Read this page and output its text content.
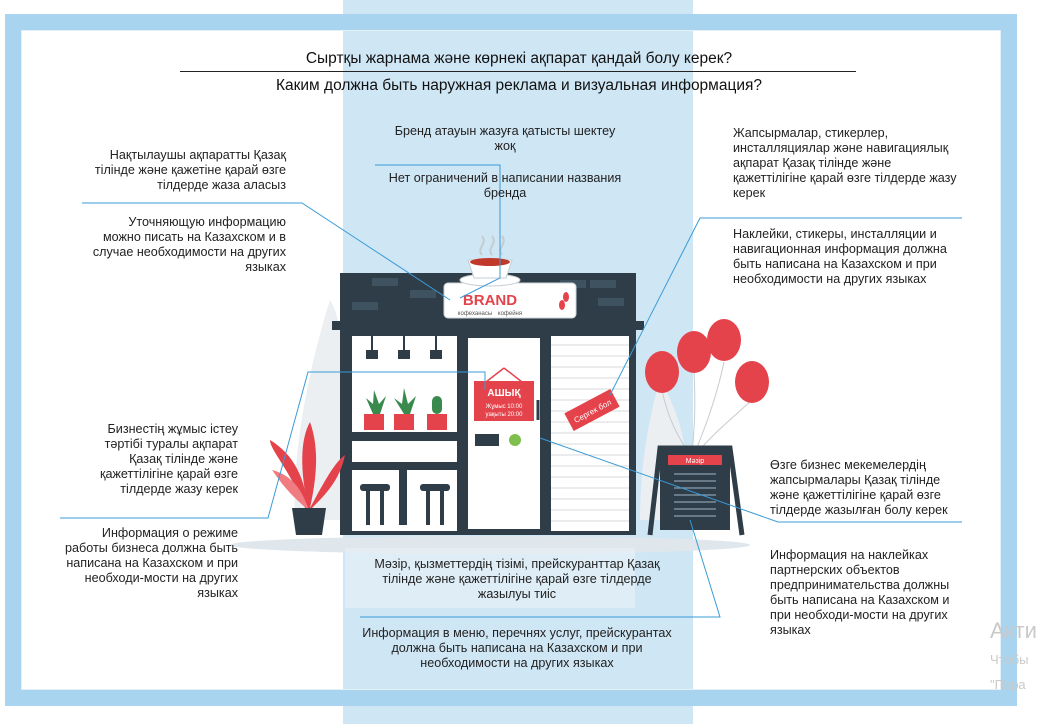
Сыртқы жарнама және көрнекі ақпарат қандай болу керек?
Каким должна быть наружная реклама и визуальная информация?
BRAND
кофеханасы кофейня
АШЫҚ
Жұмыс 10:00
уақыты 20:00	Сергек бол
Мәзір
Бренд атауын жазуға қатысты шектеу жоқ
Нет ограничений в написании названия бренда
Нақтылаушы ақпаратты Қазақ тілінде және қажетіне қарай өзге тілдерде жаза аласыз
Уточняющую информацию можно писать на Казахском и в случае необходимости на других языках
Жапсырмалар, стикерлер, инсталляциялар және навигациялық ақпарат Қазақ тілінде және қажеттілігіне қарай өзге тілдерде жазу керек
Наклейки, стикеры, инсталляции и навигационная информация должна быть написана на Казахском и при необходимости на других языках
Бизнестің жұмыс істеу тәртібі туралы ақпарат Қазақ тілінде және қажеттілігіне қарай өзге тілдерде жазу керек
Информация о режиме работы бизнеса должна быть написана на Казахском и при необходи-мости на других языках
Өзге бизнес мекемелердің жапсырмалары Қазақ тілінде және қажеттілігіне қарай өзге тілдерде жазылған болу керек
Информация на наклейках партнерских объектов предпринимательства должны быть написана на Казахском и при необходи-мости на других языках
Мәзір, қызметтердің тізімі, прейскуранттар Қазақ тілінде және қажеттілігіне қарай өзге тілдерде жазылуы тиіс
Информация в меню, перечнях услуг, прейскурантах должна быть написана на Казахском и при необходимости на других языках
Акти
Чтобы
"Пара
